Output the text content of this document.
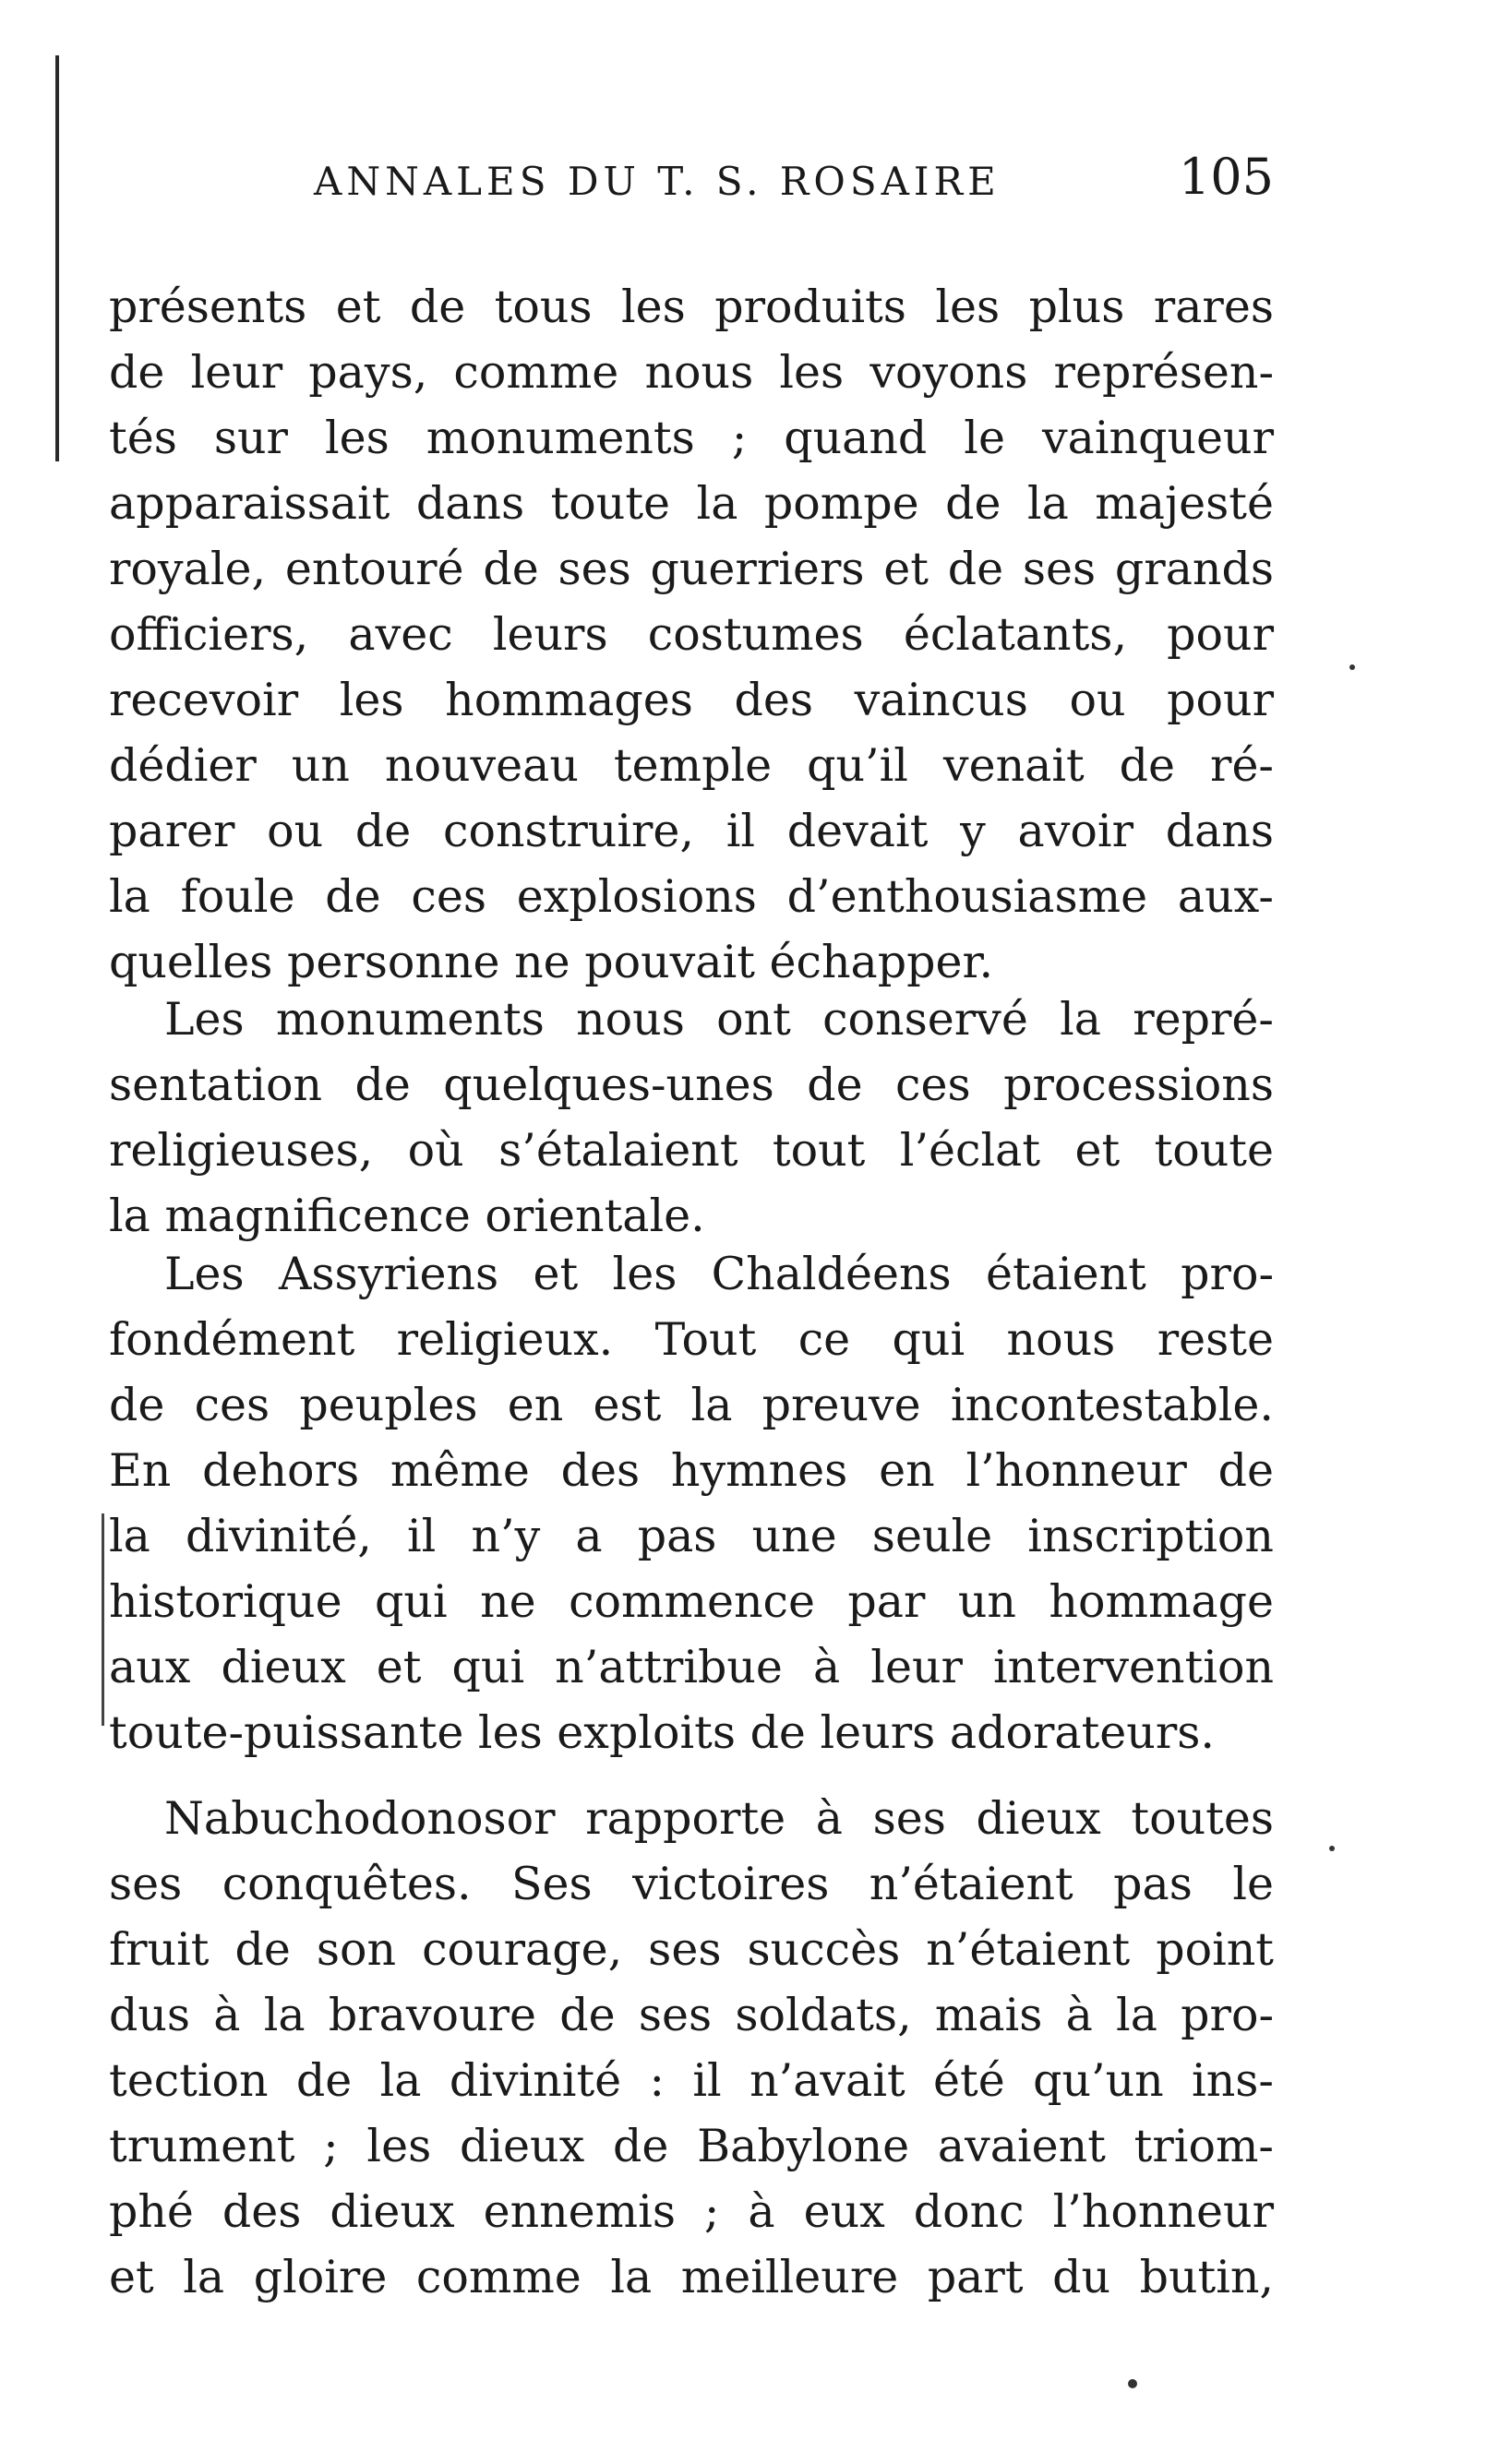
ANNALES DU T. S. ROSAIRE	105
présents et de tous les produits les plus rares
de leur pays, comme nous les voyons représen-
tés sur les monuments ; quand le vainqueur
apparaissait dans toute la pompe de la majesté
royale, entouré de ses guerriers et de ses grands
officiers, avec leurs costumes éclatants, pour
recevoir les hommages des vaincus ou pour
dédier un nouveau temple qu’il venait de ré-
parer ou de construire, il devait y avoir dans
la foule de ces explosions d’enthousiasme aux-
quelles personne ne pouvait échapper.
Les monuments nous ont conservé la repré-
sentation de quelques-unes de ces processions
religieuses, où s’étalaient tout l’éclat et toute
la magnificence orientale.
Les Assyriens et les Chaldéens étaient pro-
fondément religieux. Tout ce qui nous reste
de ces peuples en est la preuve incontestable.
En dehors même des hymnes en l’honneur de
la divinité, il n’y a pas une seule inscription
historique qui ne commence par un hommage
aux dieux et qui n’attribue à leur intervention
toute-puissante les exploits de leurs adorateurs.
Nabuchodonosor rapporte à ses dieux toutes
ses conquêtes. Ses victoires n’étaient pas le
fruit de son courage, ses succès n’étaient point
dus à la bravoure de ses soldats, mais à la pro-
tection de la divinité : il n’avait été qu’un ins-
trument ; les dieux de Babylone avaient triom-
phé des dieux ennemis ; à eux donc l’honneur
et la gloire comme la meilleure part du butin,
